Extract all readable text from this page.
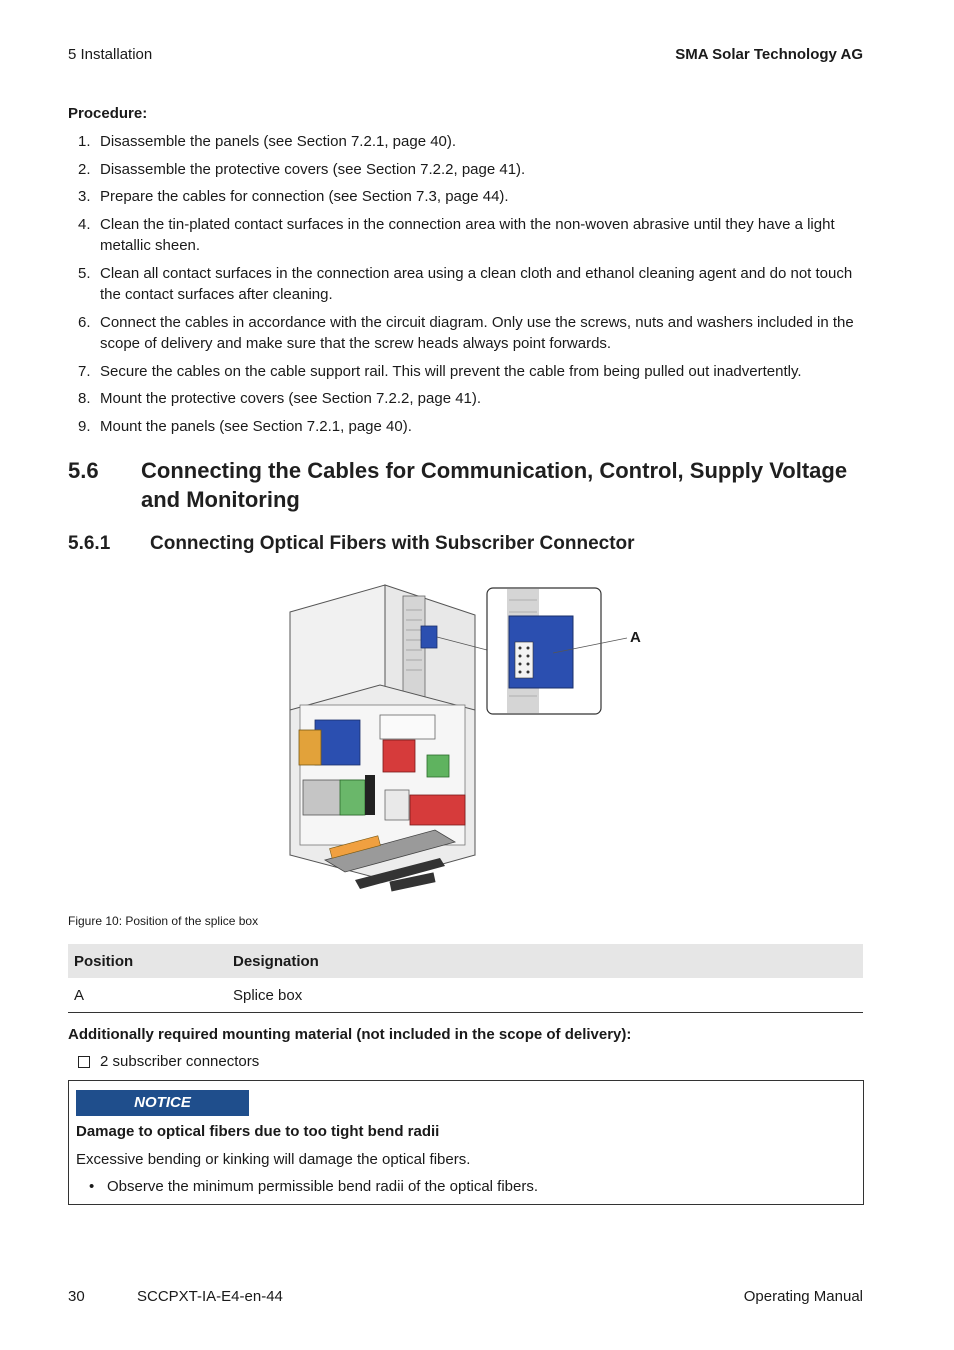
5 Installation	SMA Solar Technology AG
Procedure:
1. Disassemble the panels (see Section 7.2.1, page 40).
2. Disassemble the protective covers (see Section 7.2.2, page 41).
3. Prepare the cables for connection (see Section 7.3, page 44).
4. Clean the tin-plated contact surfaces in the connection area with the non-woven abrasive until they have a light metallic sheen.
5. Clean all contact surfaces in the connection area using a clean cloth and ethanol cleaning agent and do not touch the contact surfaces after cleaning.
6. Connect the cables in accordance with the circuit diagram. Only use the screws, nuts and washers included in the scope of delivery and make sure that the screw heads always point forwards.
7. Secure the cables on the cable support rail. This will prevent the cable from being pulled out inadvertently.
8. Mount the protective covers (see Section 7.2.2, page 41).
9. Mount the panels (see Section 7.2.1, page 40).
5.6 Connecting the Cables for Communication, Control, Supply Voltage and Monitoring
5.6.1 Connecting Optical Fibers with Subscriber Connector
A
Figure 10: Position of the splice box
Position	Designation
A	Splice box
Additionally required mounting material (not included in the scope of delivery):
2 subscriber connectors
NOTICE
Damage to optical fibers due to too tight bend radii
Excessive bending or kinking will damage the optical fibers.
• Observe the minimum permissible bend radii of the optical fibers.
30	SCCPXT-IA-E4-en-44	Operating Manual
